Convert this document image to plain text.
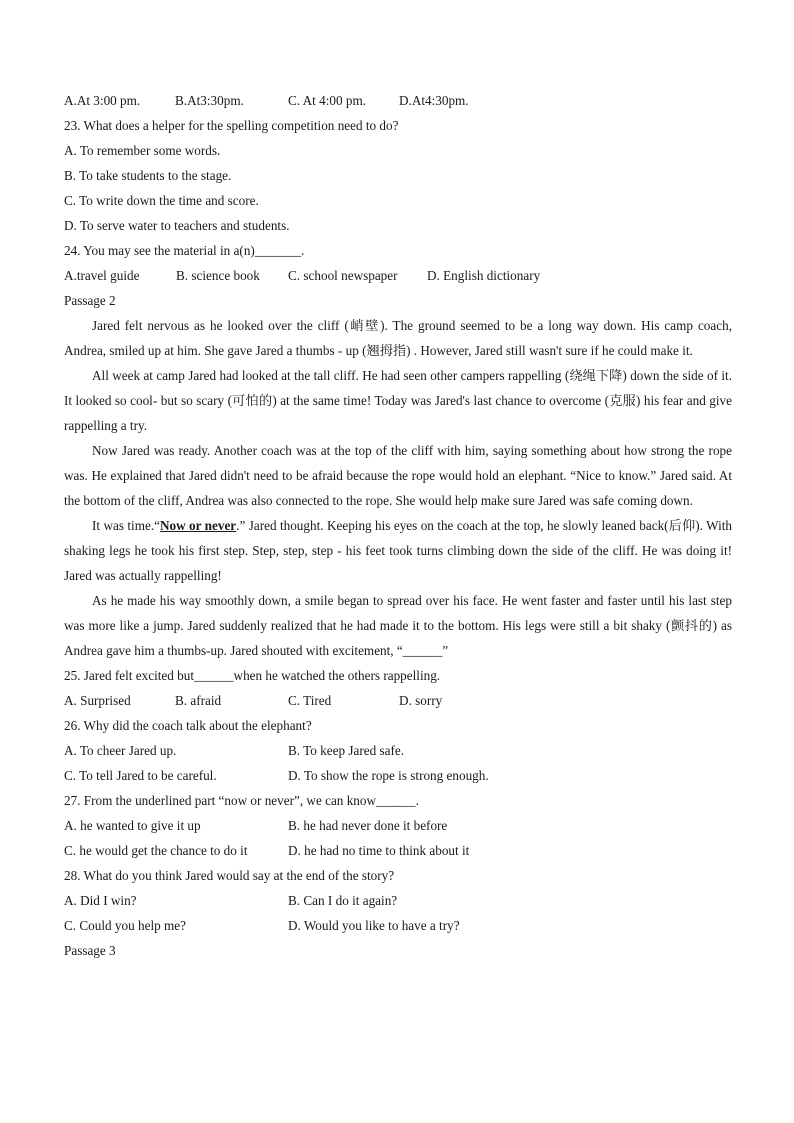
A.At 3:00 pm.	B.At3:30pm.	C. At 4:00 pm. D.At4:30pm.
23. What does a helper for the spelling competition need to do?
A. To remember some words.
B. To take students to the stage.
C. To write down the time and score.
D. To serve water to teachers and students.
24. You may see the material in a(n)_______.
A.travel guide	B. science book C. school newspaper D. English dictionary
Passage 2

Jared felt nervous as he looked over the cliff (峭壁). The ground seemed to be a long way down. His camp coach, Andrea, smiled up at him. She gave Jared a thumbs - up (翘拇指) . However, Jared still wasn't sure if he could make it.

All week at camp Jared had looked at the tall cliff. He had seen other campers rappelling (绕绳下降) down the side of it. It looked so cool- but so scary (可怕的) at the same time! Today was Jared's last chance to overcome (克服) his fear and give rappelling a try.

Now Jared was ready. Another coach was at the top of the cliff with him, saying something about how strong the rope was. He explained that Jared didn't need to be afraid because the rope would hold an elephant. “Nice to know.” Jared said. At the bottom of the cliff, Andrea was also connected to the rope. She would help make sure Jared was safe coming down.

It was time.“Now or never.” Jared thought. Keeping his eyes on the coach at the top, he slowly leaned back(后仰). With shaking legs he took his first step. Step, step, step - his feet took turns climbing down the side of the cliff. He was doing it! Jared was actually rappelling!

As he made his way smoothly down, a smile began to spread over his face. He went faster and faster until his last step was more like a jump. Jared suddenly realized that he had made it to the bottom. His legs were still a bit shaky (颤抖的) as Andrea gave him a thumbs-up. Jared shouted with excitement, “______”

25. Jared felt excited but______when he watched the others rappelling.
A. Surprised	B. afraid	C. Tired	D. sorry
26. Why did the coach talk about the elephant?
A. To cheer Jared up.	B. To keep Jared safe.
C. To tell Jared to be careful.	D. To show the rope is strong enough.
27. From the underlined part “now or never”, we can know______.
A. he wanted to give it up	B. he had never done it before
C. he would get the chance to do it	D. he had no time to think about it
28. What do you think Jared would say at the end of the story?
A. Did I win?	B. Can I do it again?
C. Could you help me?	D. Would you like to have a try?
Passage 3
